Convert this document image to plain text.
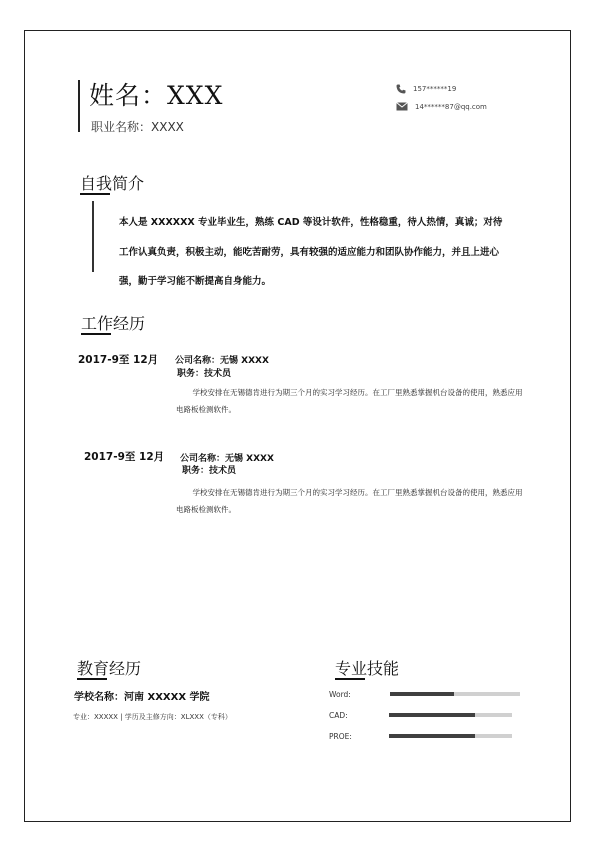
姓名：XXX
职业名称：XXXX
157******19
14******87@qq.com
自我简介
本人是 XXXXXX 专业毕业生，熟练 CAD 等设计软件，性格稳重，待人热情，真诚；对待工作认真负责，积极主动，能吃苦耐劳，具有较强的适应能力和团队协作能力，并且上进心强，勤于学习能不断提高自身能力。
工作经历
2017-9至 12月 公司名称：无锡 XXXX
职务：技术员
学校安排在无锡德肯进行为期三个月的实习学习经历。在工厂里熟悉掌握机台设备的使用，熟悉应用电路板检测软件。
2017-9至 12月 公司名称：无锡 XXXX
职务：技术员
学校安排在无锡德肯进行为期三个月的实习学习经历。在工厂里熟悉掌握机台设备的使用，熟悉应用电路板检测软件。
教育经历
学校名称：河南 XXXXX 学院
专业：XXXXX | 学历及主修方向：XLXXX（专科）
专业技能
Word:
CAD:
PROE:
